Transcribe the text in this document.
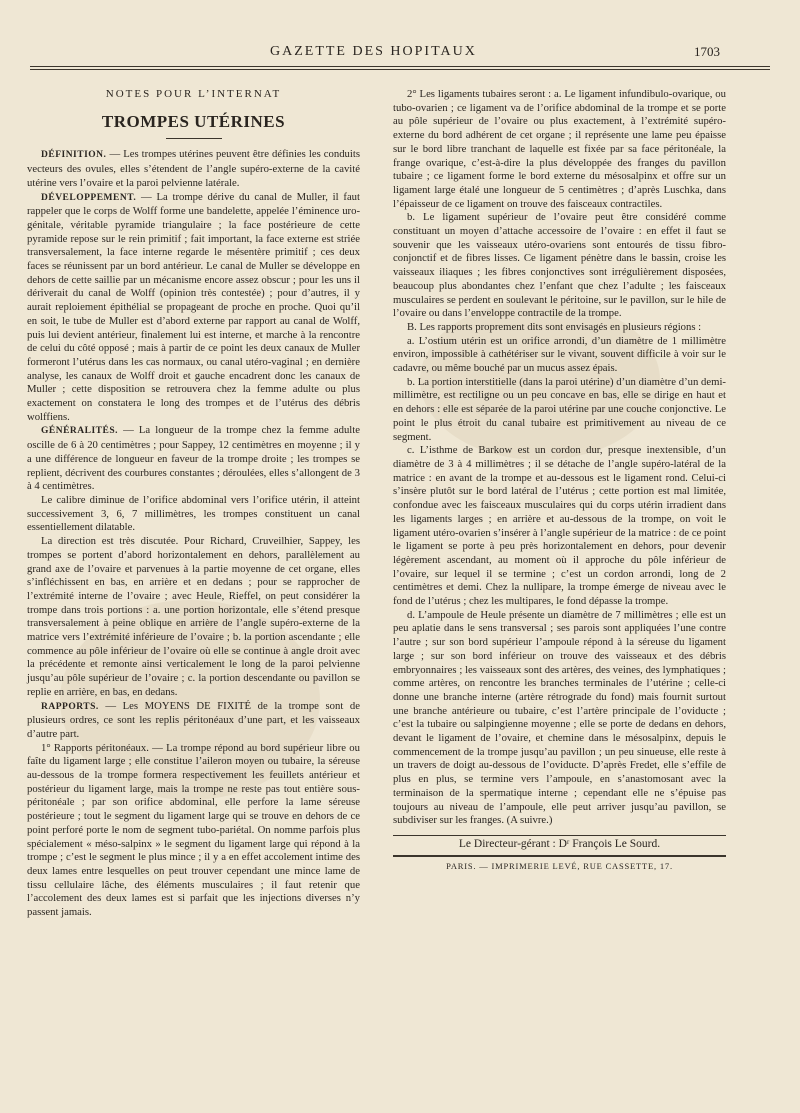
GAZETTE DES HOPITAUX	1703
NOTES POUR L’INTERNAT
TROMPES UTÉRINES

DÉFINITION. — Les trompes utérines peuvent être définies les conduits vecteurs des ovules, elles s’étendent de l’angle supéro-externe de la cavité utérine vers l’ovaire et la paroi pelvienne latérale.

DÉVELOPPEMENT. — La trompe dérive du canal de Muller, il faut rappeler que le corps de Wolff forme une bandelette, appelée l’éminence uro-génitale, véritable pyramide triangulaire ; la face postérieure de cette pyramide repose sur le rein primitif ; fait important, la face externe est striée transversalement, la face interne regarde le mésentère primitif ; ces deux faces se réunissent par un bord antérieur. Le canal de Muller se développe en dehors de cette saillie par un mécanisme encore assez obscur ; pour les uns il dériverait du canal de Wolff (opinion très contestée) ; pour d’autres, il y aurait reploiement épithélial se propageant de proche en proche. Quoi qu’il en soit, le tube de Muller est d’abord externe par rapport au canal de Wolff, puis lui devient antérieur, finalement lui est interne, et marche à la rencontre de celui du côté opposé ; mais à partir de ce point les deux canaux de Muller formeront l’utérus dans les cas normaux, ou canal utéro-vaginal ; en dernière analyse, les canaux de Wolff droit et gauche encadrent donc les canaux de Muller ; cette disposition se retrouvera chez la femme adulte ou plus exactement on constatera le long des trompes et de l’utérus des débris wolffiens.

GÉNÉRALITÉS. — La longueur de la trompe chez la femme adulte oscille de 6 à 20 centimètres ; pour Sappey, 12 centimètres en moyenne ; il y a une différence de longueur en faveur de la trompe droite ; les trompes se replient, décrivent des courbures constantes ; déroulées, elles s’allongent de 3 à 4 centimètres.

Le calibre diminue de l’orifice abdominal vers l’orifice utérin, il atteint successivement 3, 6, 7 millimètres, les trompes constituent un canal essentiellement dilatable.

La direction est très discutée. Pour Richard, Cruveilhier, Sappey, les trompes se portent d’abord horizontalement en dehors, parallèlement au grand axe de l’ovaire et parvenues à la partie moyenne de cet organe, elles s’infléchissent en bas, en arrière et en dedans ; pour se rapprocher de l’extrémité interne de l’ovaire ; avec Heule, Rieffel, on peut considérer la trompe dans trois portions : a. une portion horizontale, elle s’étend presque transversalement à peine oblique en arrière de l’angle supéro-externe de la matrice vers l’extrémité inférieure de l’ovaire ; b. la portion ascendante ; elle commence au pôle inférieur de l’ovaire où elle se continue à angle droit avec la précédente et remonte ainsi verticalement le long de la paroi pelvienne jusqu’au pôle supérieur de l’ovaire ; c. la portion descendante ou pavillon se replie en arrière, en bas, en dedans.

RAPPORTS. — Les MOYENS DE FIXITÉ de la trompe sont de plusieurs ordres, ce sont les replis péritonéaux d’une part, et les vaisseaux d’autre part.

1° Rapports péritonéaux. — La trompe répond au bord supérieur libre ou faîte du ligament large ; elle constitue l’aileron moyen ou tubaire, la séreuse au-dessous de la trompe formera respectivement les feuillets antérieur et postérieur du ligament large, mais la trompe ne reste pas tout entière sous-péritonéale ; par son orifice abdominal, elle perfore la lame séreuse postérieure ; tout le segment du ligament large qui se trouve en dehors de ce point perforé porte le nom de segment tubo-pariétal. On nomme parfois plus spécialement « méso-salpinx » le segment du ligament large qui répond à la trompe ; c’est le segment le plus mince ; il y a en effet accolement intime des deux lames entre lesquelles on peut trouver cependant une mince lame de tissu cellulaire lâche, des éléments musculaires ; il faut retenir que l’accolement des deux lames est si parfait que les injections diverses n’y passent jamais.

2° Les ligaments tubaires seront : a. Le ligament infundibulo-ovarique, ou tubo-ovarien ; ce ligament va de l’orifice abdominal de la trompe et se porte au pôle supérieur de l’ovaire ou plus exactement, à l’extrémité supéro-externe du bord adhérent de cet organe ; il représente une lame peu épaisse sur le bord libre tranchant de laquelle est fixée par sa face péritonéale, la frange ovarique, c’est-à-dire la plus développée des franges du pavillon tubaire ; ce ligament forme le bord externe du mésosalpinx et offre sur un ligament large étalé une longueur de 5 centimètres ; d’après Luschka, dans l’épaisseur de ce ligament on trouve des faisceaux contractiles.

b. Le ligament supérieur de l’ovaire peut être considéré comme constituant un moyen d’attache accessoire de l’ovaire : en effet il faut se souvenir que les vaisseaux utéro-ovariens sont entourés de tissu fibro-conjonctif et de fibres lisses. Ce ligament pénètre dans le bassin, croise les vaisseaux iliaques ; les fibres conjonctives sont irrégulièrement disposées, beaucoup plus abondantes chez l’enfant que chez l’adulte ; les faisceaux musculaires se perdent en soulevant le péritoine, sur le pavillon, sur le hile de l’ovaire ou dans l’enveloppe contractile de la trompe.

B. Les rapports proprement dits sont envisagés en plusieurs régions :

a. L’ostium utérin est un orifice arrondi, d’un diamètre de 1 millimètre environ, impossible à cathétériser sur le vivant, souvent difficile à voir sur le cadavre, ou même bouché par un mucus assez épais.

b. La portion interstitielle (dans la paroi utérine) d’un diamètre d’un demi-millimètre, est rectiligne ou un peu concave en bas, elle se dirige en haut et en dehors : elle est séparée de la paroi utérine par une couche conjonctive. Le point le plus étroit du canal tubaire est primitivement au niveau de ce segment.

c. L’isthme de Barkow est un cordon dur, presque inextensible, d’un diamètre de 3 à 4 millimètres ; il se détache de l’angle supéro-latéral de la matrice : en avant de la trompe et au-dessous est le ligament rond. Celui-ci s’insère plutôt sur le bord latéral de l’utérus ; cette portion est mal limitée, confondue avec les faisceaux musculaires qui du corps utérin irradient dans les ligaments larges ; en arrière et au-dessous de la trompe, on voit le ligament utéro-ovarien s’insérer à l’angle supérieur de la matrice : de ce point le ligament se porte à peu près horizontalement en dehors, pour devenir légèrement ascendant, au moment où il approche du pôle inférieur de l’ovaire, sur lequel il se termine ; c’est un cordon arrondi, long de 2 centimètres et demi. Chez la nullipare, la trompe émerge de niveau avec le fond de l’utérus ; chez les multipares, le fond dépasse la trompe.

d. L’ampoule de Heule présente un diamètre de 7 millimètres ; elle est un peu aplatie dans le sens transversal ; ses parois sont appliquées l’une contre l’autre ; sur son bord supérieur l’ampoule répond à la séreuse du ligament large ; sur son bord inférieur on trouve des vaisseaux et des débris embryonnaires ; les vaisseaux sont des artères, des veines, des lymphatiques ; comme artères, on rencontre les branches terminales de l’utérine ; celle-ci donne une branche interne (artère rétrograde du fond) mais fournit surtout une branche antérieure ou tubaire, c’est l’artère principale de l’oviducte ; c’est la tubaire ou salpingienne moyenne ; elle se porte de dedans en dehors, devant le ligament de l’ovaire, et chemine dans le mésosalpinx, depuis le commencement de la trompe jusqu’au pavillon ; un peu sinueuse, elle reste à un travers de doigt au-dessous de l’oviducte. D’après Fredet, elle s’effile de plus en plus, se termine vers l’ampoule, en s’anastomosant avec la terminaison de la spermatique interne ; cependant elle ne s’épuise pas toujours au niveau de l’ampoule, elle peut arriver jusqu’au pavillon, se subdiviser sur les franges. (A suivre.)

Le Directeur-gérant : Dʳ François Le Sourd.
PARIS. — IMPRIMERIE LEVÉ, RUE CASSETTE, 17.
